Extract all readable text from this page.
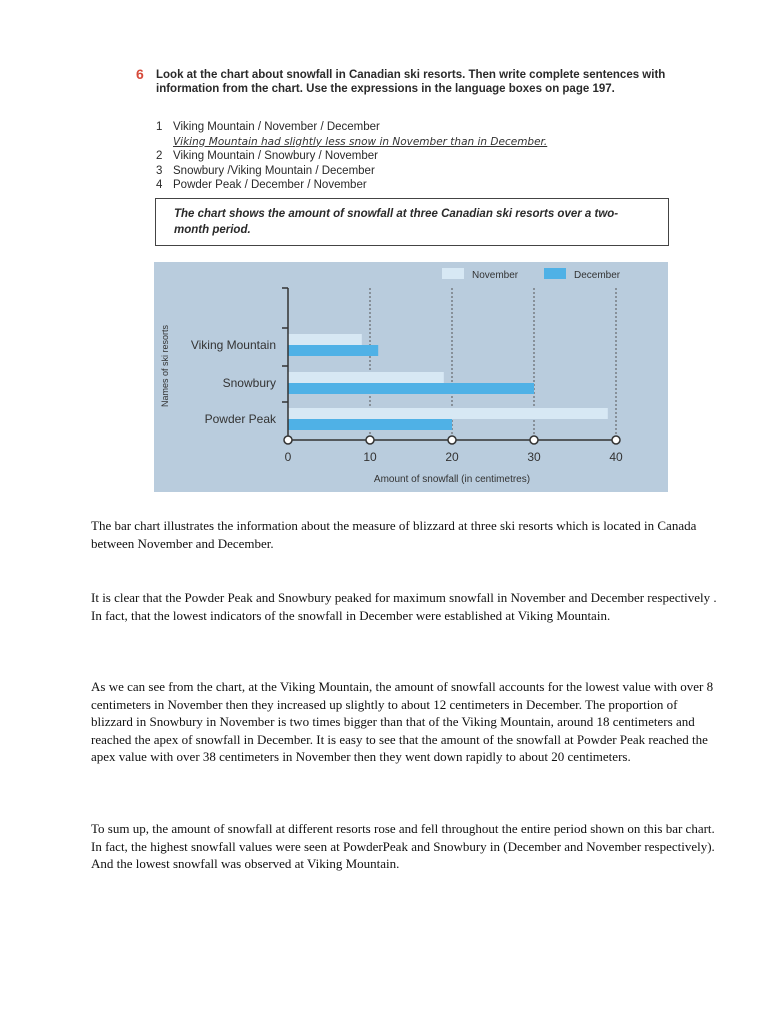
6 Look at the chart about snowfall in Canadian ski resorts. Then write complete sentences with information from the chart. Use the expressions in the language boxes on page 197.
1 Viking Mountain / November / December
Viking Mountain had slightly less snow in November than in December.
2 Viking Mountain / Snowbury / November
3 Snowbury /Viking Mountain / December
4 Powder Peak / December / November
The chart shows the amount of snowfall at three Canadian ski resorts over a two-month period.
Viking Mountain
Snowbury
Powder Peak
0	10	20	30	40
Amount of snowfall (in centimetres)
Names of ski resorts
November	December
The bar chart illustrates the information about the measure of blizzard at three ski resorts which is located in Canada between November and December.
It is clear that the Powder Peak and Snowbury peaked for maximum snowfall in November and December respectively . In fact, that the lowest indicators of the snowfall in December were established at Viking Mountain.
As we can see from the chart, at the Viking Mountain, the amount of snowfall accounts for the lowest value with over 8 centimeters in November then they increased up slightly to about 12 centimeters in December. The proportion of blizzard in Snowbury in November is two times bigger than that of the Viking Mountain, around 18 centimeters and reached the apex of snowfall in December. It is easy to see that the amount of the snowfall at Powder Peak reached the apex value with over 38 centimeters in November then they went down rapidly to about 20 centimeters.
To sum up, the amount of snowfall at different resorts rose and fell throughout the entire period shown on this bar chart. In fact, the highest snowfall values were seen at PowderPeak and Snowbury in (December and November respectively). And the lowest snowfall was observed at Viking Mountain.
